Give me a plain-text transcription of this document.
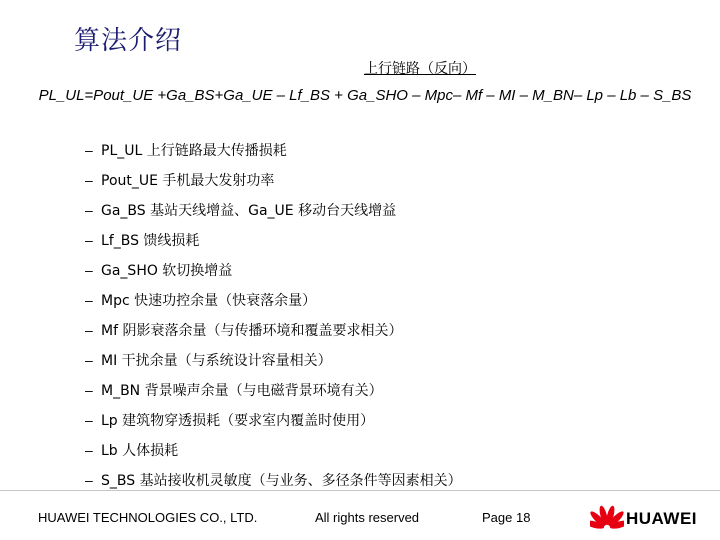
算法介绍
上行链路（反向）
PL_UL=Pout_UE +Ga_BS+Ga_UE – Lf_BS + Ga_SHO – Mpc– Mf – MI – M_BN– Lp – Lb – S_BS
– PL_UL 上行链路最大传播损耗
– Pout_UE 手机最大发射功率
– Ga_BS 基站天线增益、Ga_UE 移动台天线增益
– Lf_BS 馈线损耗
– Ga_SHO 软切换增益
– Mpc 快速功控余量（快衰落余量）
– Mf 阴影衰落余量（与传播环境和覆盖要求相关）
– MI 干扰余量（与系统设计容量相关）
– M_BN 背景噪声余量（与电磁背景环境有关）
– Lp 建筑物穿透损耗（要求室内覆盖时使用）
– Lb 人体损耗
– S_BS 基站接收机灵敏度（与业务、多径条件等因素相关）
HUAWEI TECHNOLOGIES CO., LTD.	All rights reserved	Page 18	HUAWEI
